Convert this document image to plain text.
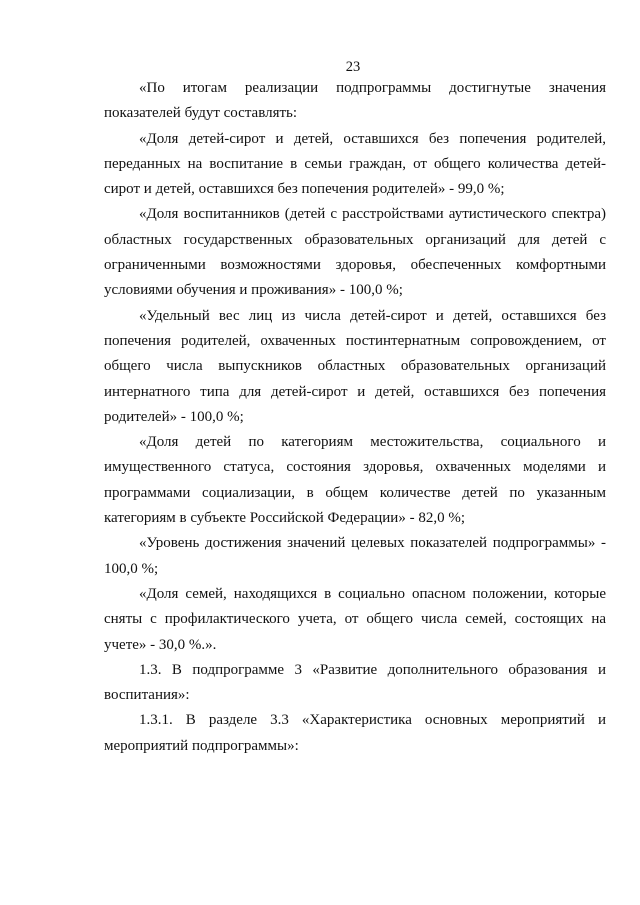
23

«По итогам реализации подпрограммы достигнутые значения показателей будут составлять:

«Доля детей-сирот и детей, оставшихся без попечения родителей, переданных на воспитание в семьи граждан, от общего количества детей-сирот и детей, оставшихся без попечения родителей» - 99,0 %;

«Доля воспитанников (детей с расстройствами аутистического спектра) областных государственных образовательных организаций для детей с ограниченными возможностями здоровья, обеспеченных комфортными условиями обучения и проживания» - 100,0 %;

«Удельный вес лиц из числа детей-сирот и детей, оставшихся без попечения родителей, охваченных постинтернатным сопровождением, от общего числа выпускников областных образовательных организаций интернатного типа для детей-сирот и детей, оставшихся без попечения родителей» - 100,0 %;

«Доля детей по категориям местожительства, социального и имущественного статуса, состояния здоровья, охваченных моделями и программами социализации, в общем количестве детей по указанным категориям в субъекте Российской Федерации» - 82,0 %;

«Уровень достижения значений целевых показателей подпрограммы» - 100,0 %;

«Доля семей, находящихся в социально опасном положении, которые сняты с профилактического учета, от общего числа семей, состоящих на учете» - 30,0 %.».

1.3. В подпрограмме 3 «Развитие дополнительного образования и воспитания»:

1.3.1. В разделе 3.3 «Характеристика основных мероприятий и мероприятий подпрограммы»:
